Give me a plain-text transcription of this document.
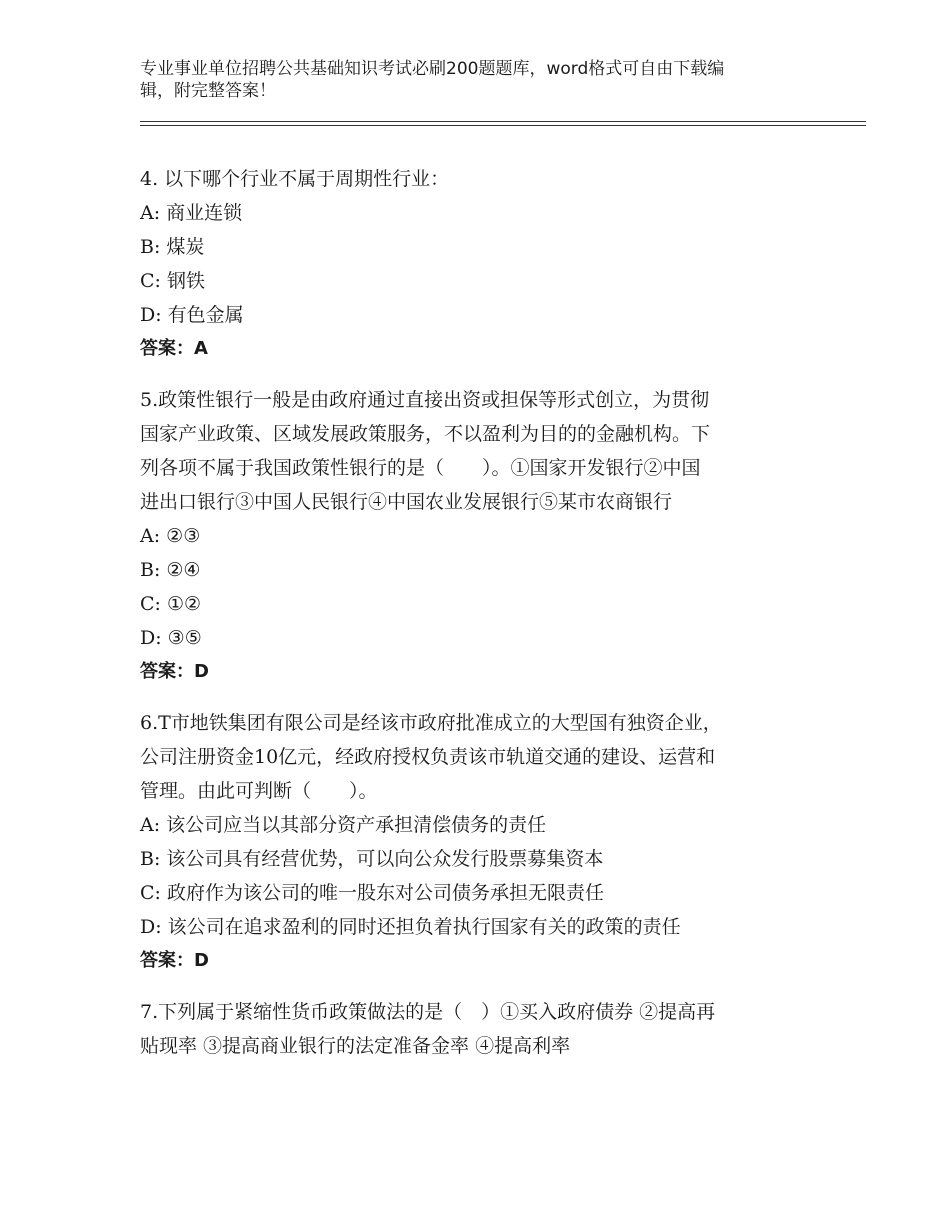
专业事业单位招聘公共基础知识考试必刷200题题库，word格式可自由下载编
辑，附完整答案！
4. 以下哪个行业不属于周期性行业：
A: 商业连锁
B: 煤炭
C: 钢铁
D: 有色金属
答案：A
5.政策性银行一般是由政府通过直接出资或担保等形式创立，为贯彻
国家产业政策、区域发展政策服务，不以盈利为目的的金融机构。下
列各项不属于我国政策性银行的是（　　）。①国家开发银行②中国
进出口银行③中国人民银行④中国农业发展银行⑤某市农商银行
A: ②③
B: ②④
C: ①②
D: ③⑤
答案：D
6.T市地铁集团有限公司是经该市政府批准成立的大型国有独资企业，
公司注册资金10亿元，经政府授权负责该市轨道交通的建设、运营和
管理。由此可判断（　　）。
A: 该公司应当以其部分资产承担清偿债务的责任
B: 该公司具有经营优势，可以向公众发行股票募集资本
C: 政府作为该公司的唯一股东对公司债务承担无限责任
D: 该公司在追求盈利的同时还担负着执行国家有关的政策的责任
答案：D
7.下列属于紧缩性货币政策做法的是（　）①买入政府债券 ②提高再
贴现率 ③提高商业银行的法定准备金率 ④提高利率
